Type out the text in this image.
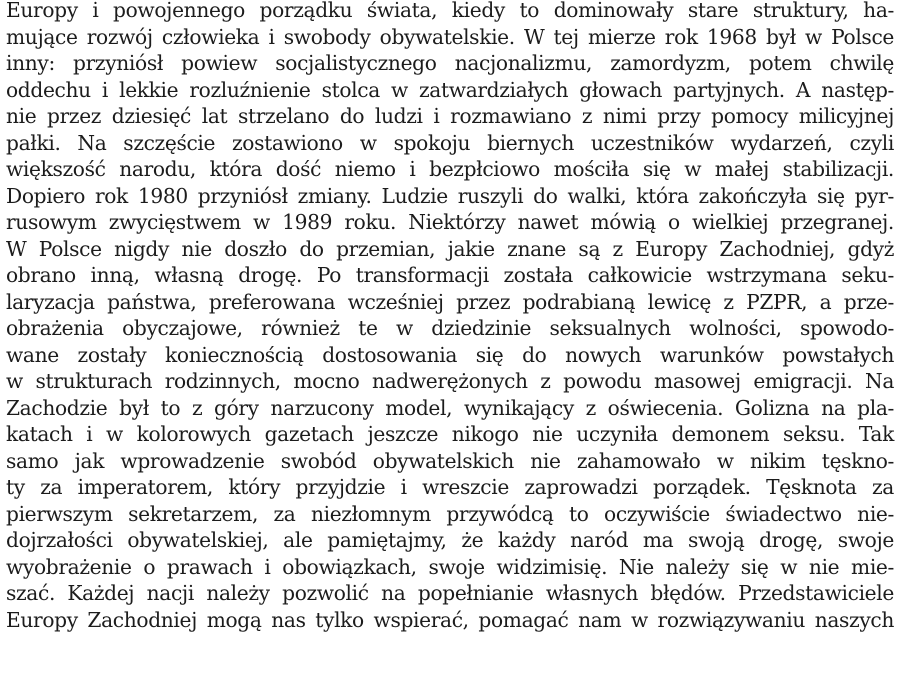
Europy i powojennego porządku świata, kiedy to dominowały stare struktury, ha-
mujące rozwój człowieka i swobody obywatelskie. W tej mierze rok 1968 był w Polsce
inny: przyniósł powiew socjalistycznego nacjonalizmu, zamordyzm, potem chwilę
oddechu i lekkie rozluźnienie stolca w zatwardziałych głowach partyjnych. A następ-
nie przez dziesięć lat strzelano do ludzi i rozmawiano z nimi przy pomocy milicyjnej
pałki. Na szczęście zostawiono w spokoju biernych uczestników wydarzeń, czyli
większość narodu, która dość niemo i bezpłciowo mościła się w małej stabilizacji.
Dopiero rok 1980 przyniósł zmiany. Ludzie ruszyli do walki, która zakończyła się pyr-
rusowym zwycięstwem w 1989 roku. Niektórzy nawet mówią o wielkiej przegranej.
W Polsce nigdy nie doszło do przemian, jakie znane są z Europy Zachodniej, gdyż
obrano inną, własną drogę. Po transformacji została całkowicie wstrzymana seku-
laryzacja państwa, preferowana wcześniej przez podrabianą lewicę z PZPR, a prze-
obrażenia obyczajowe, również te w dziedzinie seksualnych wolności, spowodo-
wane zostały koniecznością dostosowania się do nowych warunków powstałych
w strukturach rodzinnych, mocno nadwerężonych z powodu masowej emigracji. Na
Zachodzie był to z góry narzucony model, wynikający z oświecenia. Golizna na pla-
katach i w kolorowych gazetach jeszcze nikogo nie uczyniła demonem seksu. Tak
samo jak wprowadzenie swobód obywatelskich nie zahamowało w nikim tęskno-
ty za imperatorem, który przyjdzie i wreszcie zaprowadzi porządek. Tęsknota za
pierwszym sekretarzem, za niezłomnym przywódcą to oczywiście świadectwo nie-
dojrzałości obywatelskiej, ale pamiętajmy, że każdy naród ma swoją drogę, swoje
wyobrażenie o prawach i obowiązkach, swoje widzimisię. Nie należy się w nie mie-
szać. Każdej nacji należy pozwolić na popełnianie własnych błędów. Przedstawiciele
Europy Zachodniej mogą nas tylko wspierać, pomagać nam w rozwiązywaniu naszych
